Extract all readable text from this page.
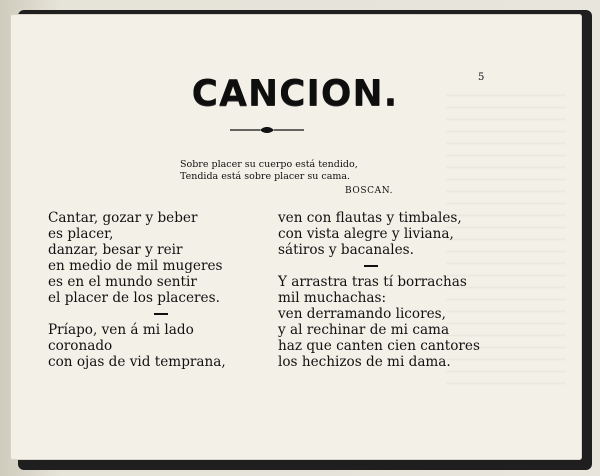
5
CANCION.
Sobre placer su cuerpo está tendido,
Tendida está sobre placer su cama.
BOSCAN.
Cantar, gozar y beber
es placer,
danzar, besar y reir
en medio de mil mugeres
es en el mundo sentir
el placer de los placeres.
Príapo, ven á mi lado
coronado
con ojas de vid temprana,
ven con flautas y timbales,
con vista alegre y liviana,
sátiros y bacanales.
Y arrastra tras tí borrachas
mil muchachas:
ven derramando licores,
y al rechinar de mi cama
haz que canten cien cantores
los hechizos de mi dama.
